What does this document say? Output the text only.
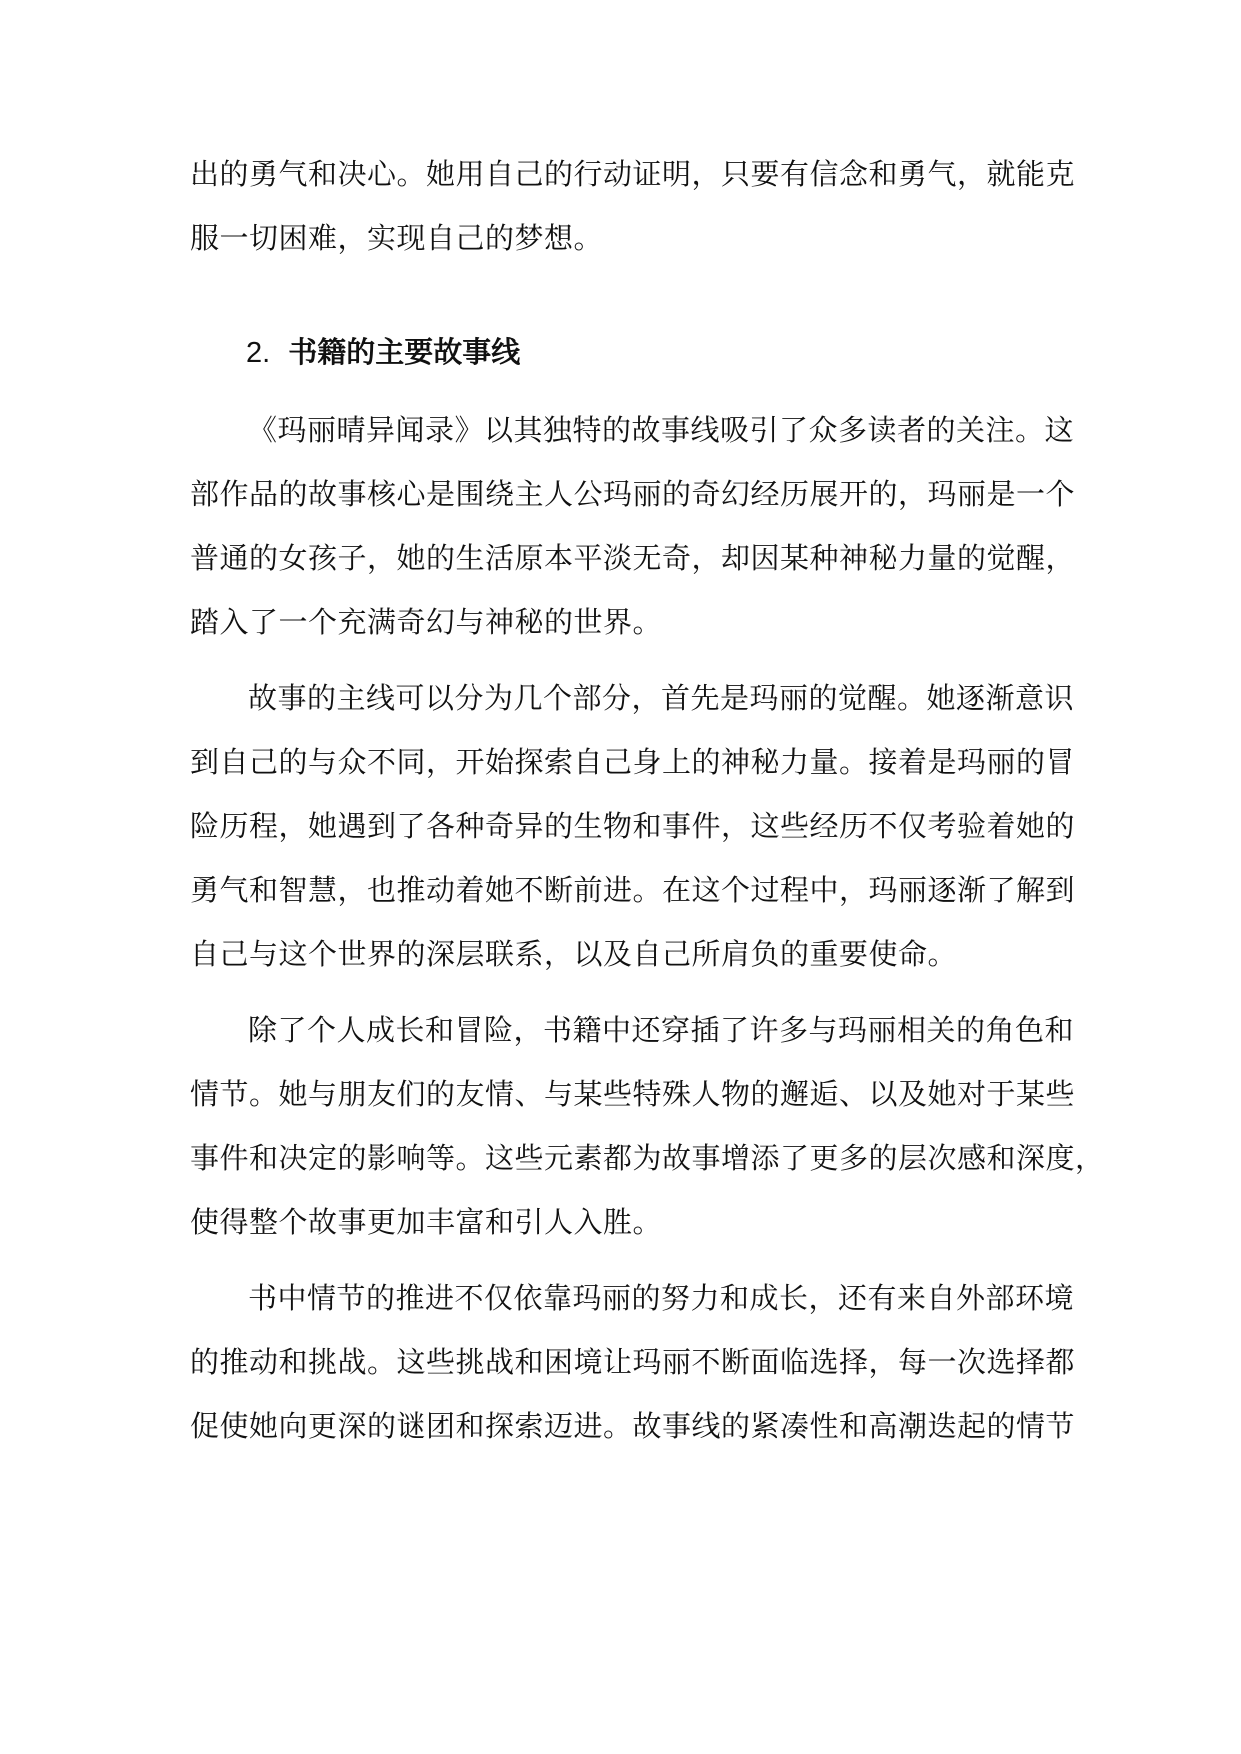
出的勇气和决心。她用自己的行动证明，只要有信念和勇气，就能克
服一切困难，实现自己的梦想。
2. 书籍的主要故事线
《玛丽晴异闻录》以其独特的故事线吸引了众多读者的关注。这
部作品的故事核心是围绕主人公玛丽的奇幻经历展开的，玛丽是一个
普通的女孩子，她的生活原本平淡无奇，却因某种神秘力量的觉醒，
踏入了一个充满奇幻与神秘的世界。
故事的主线可以分为几个部分，首先是玛丽的觉醒。她逐渐意识
到自己的与众不同，开始探索自己身上的神秘力量。接着是玛丽的冒
险历程，她遇到了各种奇异的生物和事件，这些经历不仅考验着她的
勇气和智慧，也推动着她不断前进。在这个过程中，玛丽逐渐了解到
自己与这个世界的深层联系，以及自己所肩负的重要使命。
除了个人成长和冒险，书籍中还穿插了许多与玛丽相关的角色和
情节。她与朋友们的友情、与某些特殊人物的邂逅、以及她对于某些
事件和决定的影响等。这些元素都为故事增添了更多的层次感和深度，
使得整个故事更加丰富和引人入胜。
书中情节的推进不仅依靠玛丽的努力和成长，还有来自外部环境
的推动和挑战。这些挑战和困境让玛丽不断面临选择，每一次选择都
促使她向更深的谜团和探索迈进。故事线的紧凑性和高潮迭起的情节
